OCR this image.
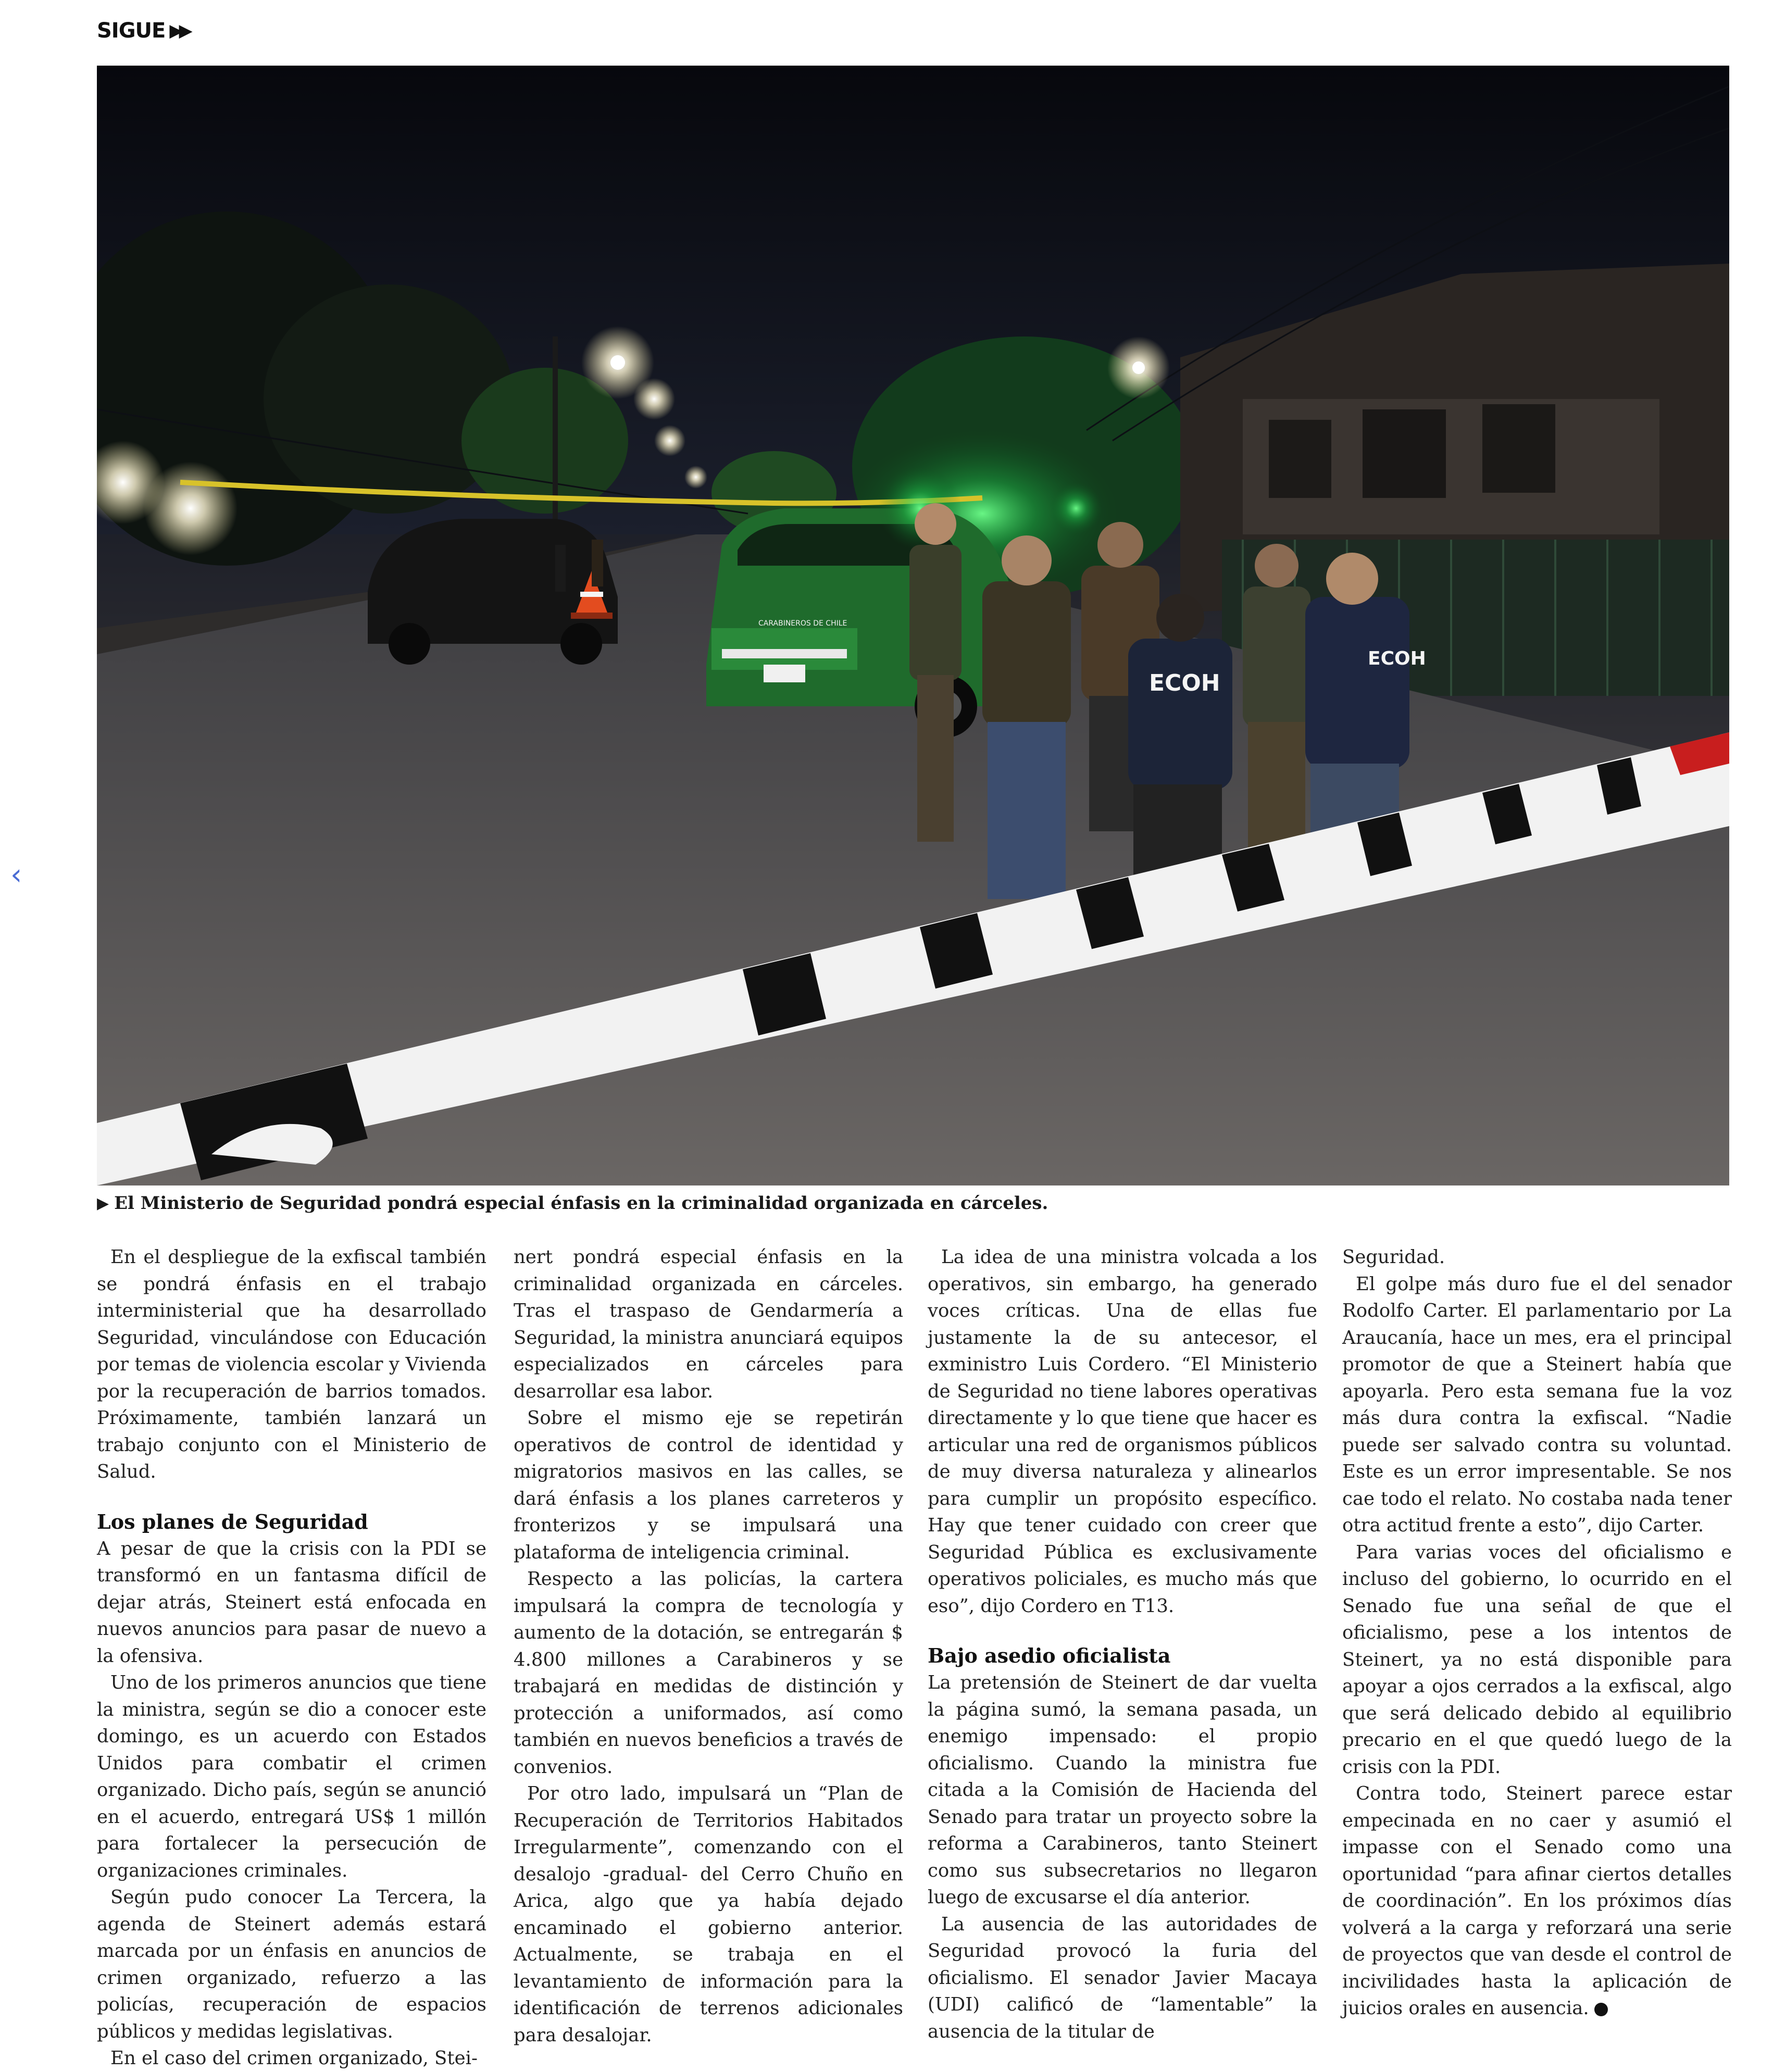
SIGUE ▶▶
‹
CARABINEROS DE CHILE
ECOH
ECOH
▶ El Ministerio de Seguridad pondrá especial énfasis en la criminalidad organizada en cárceles.

En el despliegue de la exfiscal también se pondrá énfasis en el trabajo interministerial que ha desarrollado Seguridad, vinculándose con Educación por temas de violencia escolar y Vivienda por la recuperación de barrios tomados. Próximamente, también lanzará un trabajo conjunto con el Ministerio de Salud.

Los planes de Seguridad

A pesar de que la crisis con la PDI se transformó en un fantasma difícil de dejar atrás, Steinert está enfocada en nuevos anuncios para pasar de nuevo a la ofensiva.

Uno de los primeros anuncios que tiene la ministra, según se dio a conocer este domingo, es un acuerdo con Estados Unidos para combatir el crimen organizado. Dicho país, según se anunció en el acuerdo, entregará US$ 1 millón para fortalecer la persecución de organizaciones criminales.

Según pudo conocer La Tercera, la agenda de Steinert además estará marcada por un énfasis en anuncios de crimen organizado, refuerzo a las policías, recuperación de espacios públicos y medidas legislativas.

En el caso del crimen organizado, Stei-

nert pondrá especial énfasis en la criminalidad organizada en cárceles. Tras el traspaso de Gendarmería a Seguridad, la ministra anunciará equipos especializados en cárceles para desarrollar esa labor.

Sobre el mismo eje se repetirán operativos de control de identidad y migratorios masivos en las calles, se dará énfasis a los planes carreteros y fronterizos y se impulsará una plataforma de inteligencia criminal.

Respecto a las policías, la cartera impulsará la compra de tecnología y aumento de la dotación, se entregarán $ 4.800 millones a Carabineros y se trabajará en medidas de distinción y protección a uniformados, así como también en nuevos beneficios a través de convenios.

Por otro lado, impulsará un “Plan de Recuperación de Territorios Habitados Irregularmente”, comenzando con el desalojo -gradual- del Cerro Chuño en Arica, algo que ya había dejado encaminado el gobierno anterior. Actualmente, se trabaja en el levantamiento de información para la identificación de terrenos adicionales para desalojar.

La idea de una ministra volcada a los operativos, sin embargo, ha generado voces críticas. Una de ellas fue justamente la de su antecesor, el exministro Luis Cordero. “El Ministerio de Seguridad no tiene labores operativas directamente y lo que tiene que hacer es articular una red de organismos públicos de muy diversa naturaleza y alinearlos para cumplir un propósito específico. Hay que tener cuidado con creer que Seguridad Pública es exclusivamente operativos policiales, es mucho más que eso”, dijo Cordero en T13.

Bajo asedio oficialista

La pretensión de Steinert de dar vuelta la página sumó, la semana pasada, un enemigo impensado: el propio oficialismo. Cuando la ministra fue citada a la Comisión de Hacienda del Senado para tratar un proyecto sobre la reforma a Carabineros, tanto Steinert como sus subsecretarios no llegaron luego de excusarse el día anterior.

La ausencia de las autoridades de Seguridad provocó la furia del oficialismo. El senador Javier Macaya (UDI) calificó de “lamentable” la ausencia de la titular de

Seguridad.

El golpe más duro fue el del senador Rodolfo Carter. El parlamentario por La Araucanía, hace un mes, era el principal promotor de que a Steinert había que apoyarla. Pero esta semana fue la voz más dura contra la exfiscal. “Nadie puede ser salvado contra su voluntad. Este es un error impresentable. Se nos cae todo el relato. No costaba nada tener otra actitud frente a esto”, dijo Carter.

Para varias voces del oficialismo e incluso del gobierno, lo ocurrido en el Senado fue una señal de que el oficialismo, pese a los intentos de Steinert, ya no está disponible para apoyar a ojos cerrados a la exfiscal, algo que será delicado debido al equilibrio precario en el que quedó luego de la crisis con la PDI.

Contra todo, Steinert parece estar empecinada en no caer y asumió el impasse con el Senado como una oportunidad “para afinar ciertos detalles de coordinación”. En los próximos días volverá a la carga y reforzará una serie de proyectos que van desde el control de incivilidades hasta la aplicación de juicios orales en ausencia.
